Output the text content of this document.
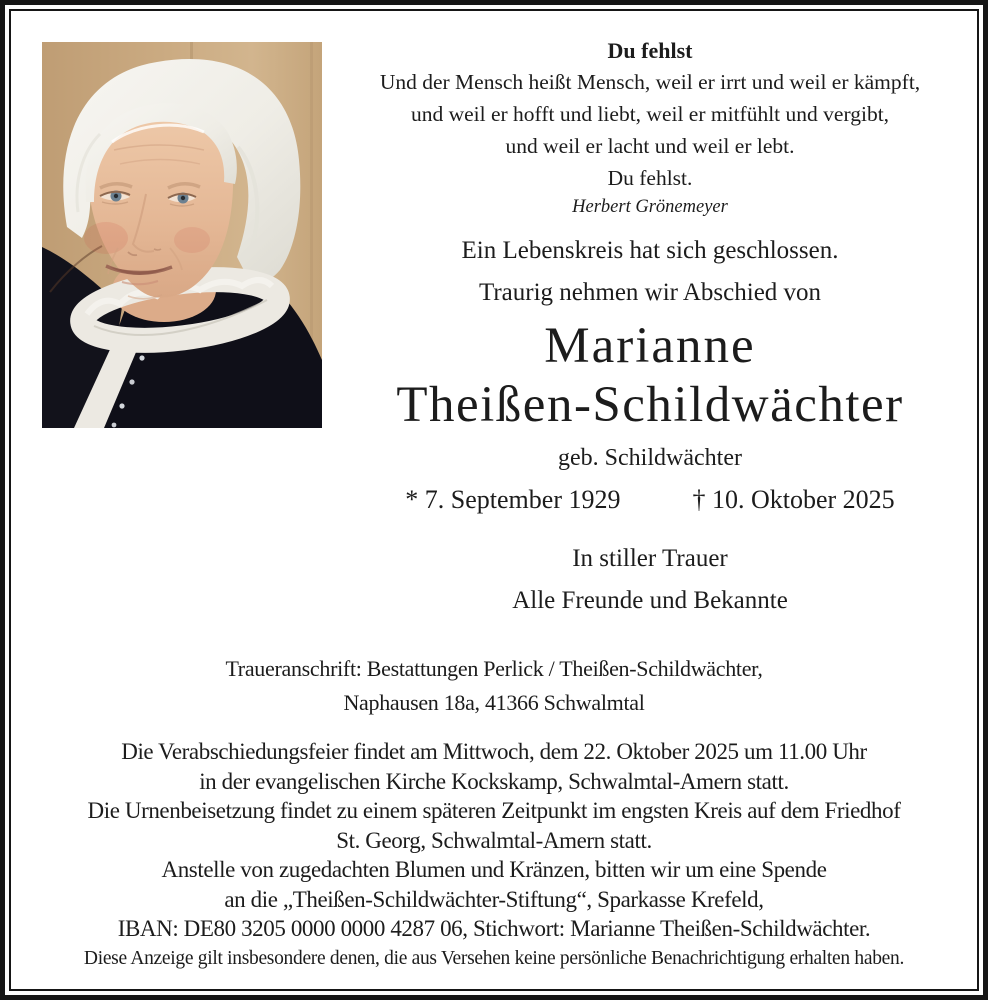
Du fehlst
Und der Mensch heißt Mensch, weil er irrt und weil er kämpft,
und weil er hofft und liebt, weil er mitfühlt und vergibt,
und weil er lacht und weil er lebt.
Du fehlst.
Herbert Grönemeyer
Ein Lebenskreis hat sich geschlossen.
Traurig nehmen wir Abschied von
Marianne
Theißen-Schildwächter
geb. Schildwächter
* 7. September 1929	† 10. Oktober 2025
In stiller Trauer
Alle Freunde und Bekannte
Traueranschrift: Bestattungen Perlick / Theißen-Schildwächter,
Naphausen 18a, 41366 Schwalmtal
Die Verabschiedungsfeier findet am Mittwoch, dem 22. Oktober 2025 um 11.00 Uhr
in der evangelischen Kirche Kockskamp, Schwalmtal-Amern statt.
Die Urnenbeisetzung findet zu einem späteren Zeitpunkt im engsten Kreis auf dem Friedhof
St. Georg, Schwalmtal-Amern statt.
Anstelle von zugedachten Blumen und Kränzen, bitten wir um eine Spende
an die „Theißen-Schildwächter-Stiftung“, Sparkasse Krefeld,
IBAN: DE80 3205 0000 0000 4287 06, Stichwort: Marianne Theißen-Schildwächter.
Diese Anzeige gilt insbesondere denen, die aus Versehen keine persönliche Benachrichtigung erhalten haben.
